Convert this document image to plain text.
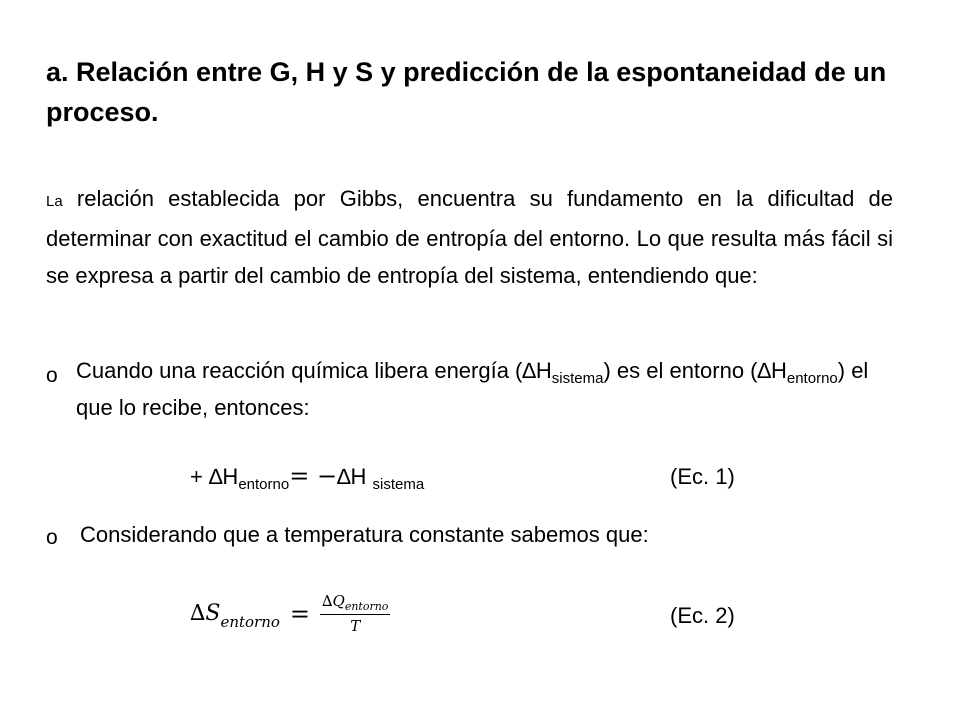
a. Relación entre G, H y S y predicción de la espontaneidad de un proceso.
La relación establecida por Gibbs, encuentra su fundamento en la dificultad de determinar con exactitud el cambio de entropía del entorno. Lo que resulta más fácil si se expresa a partir del cambio de entropía del sistema, entendiendo que:
o Cuando una reacción química libera energía $(\Delta H_{sistema})$ es el entorno $(\Delta H_{entorno})$ el que lo recibe, entonces:
+ $\Delta H_{entorno}= -\Delta H$ $_{sistema}$	(Ec. 1)
o Considerando que a temperatura constante sabemos que:
∆ S entorno = $\frac{\Delta Q_{entorno}}{T}$	(Ec. 2)
